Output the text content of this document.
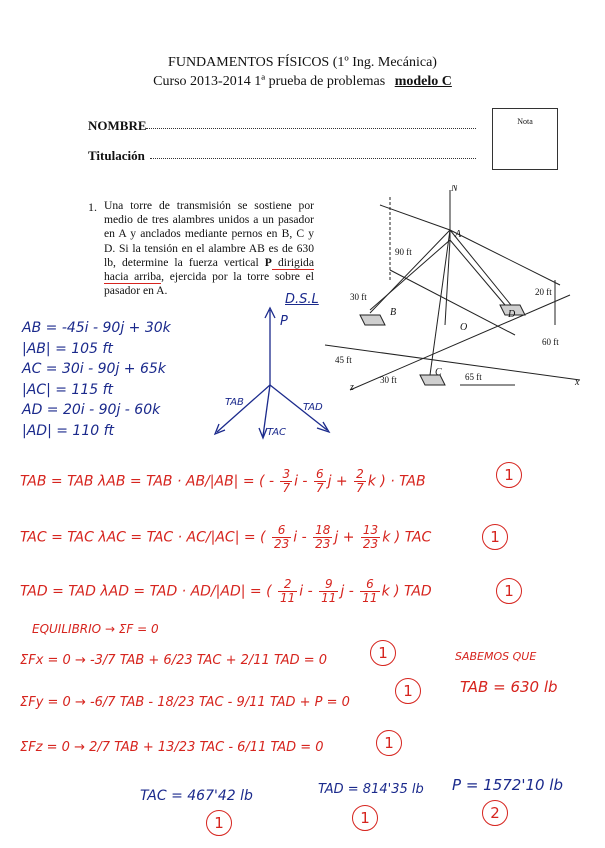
FUNDAMENTOS FÍSICOS (1º Ing. Mecánica)
Curso 2013-2014 1ª prueba de problemas modelo C
NOMBRE
Titulación
Nota
1. Una torre de transmisión se sostiene por medio de tres alambres unidos a un pasador en A y anclados mediante pernos en B, C y D. Si la tensión en el alambre AB es de 630 lb, determine la fuerza vertical P dirigida hacia arriba, ejercida por la torre sobre el pasador en A.

N
A
B
C
D
O
z	x
90 ft
30 ft	20 ft
60 ft
45 ft
30 ft	65 ft
AB = -45i - 90j + 30k
|AB| = 105 ft
AC = 30i - 90j + 65k
|AC| = 115 ft
AD = 20i - 90j - 60k
|AD| = 110 ft
D.S.L
P
TAB
TAC
TAD
TAB = TAB λAB = TAB · AB/|AB| = ( - $\frac{3}{7}$ i - $\frac{6}{7}$ $j + \frac{2}{7}$ k ) · TAB	1
TAC = TAC λAC = TAC · AC/|AC| = ( $\frac{6}{23}$ i - $\frac{18}{23}$ $j + \frac{13}{23}$ k ) TAC	1
TAD = TAD λAD = TAD · AD/|AD| = ( $\frac{2}{11}$ i - $\frac{9}{11}$ j - $\frac{6}{11}$ k ) TAD	1
EQUILIBRIO → ΣF = 0
ΣFx = 0 → -3/7 TAB + 6/23 TAC + 2/11 TAD = 0	1
ΣFy = 0 → -6/7 TAB - 18/23 TAC - 9/11 TAD + P = 0
1
ΣFz = 0 → 2/7 TAB + 13/23 TAC - 6/11 TAD = 0	1
SABEMOS QUE
TAB = 630 lb
TAC = 467'42 lb	TAD = 814'35 lb P = 1572'10 lb
1	1	2
